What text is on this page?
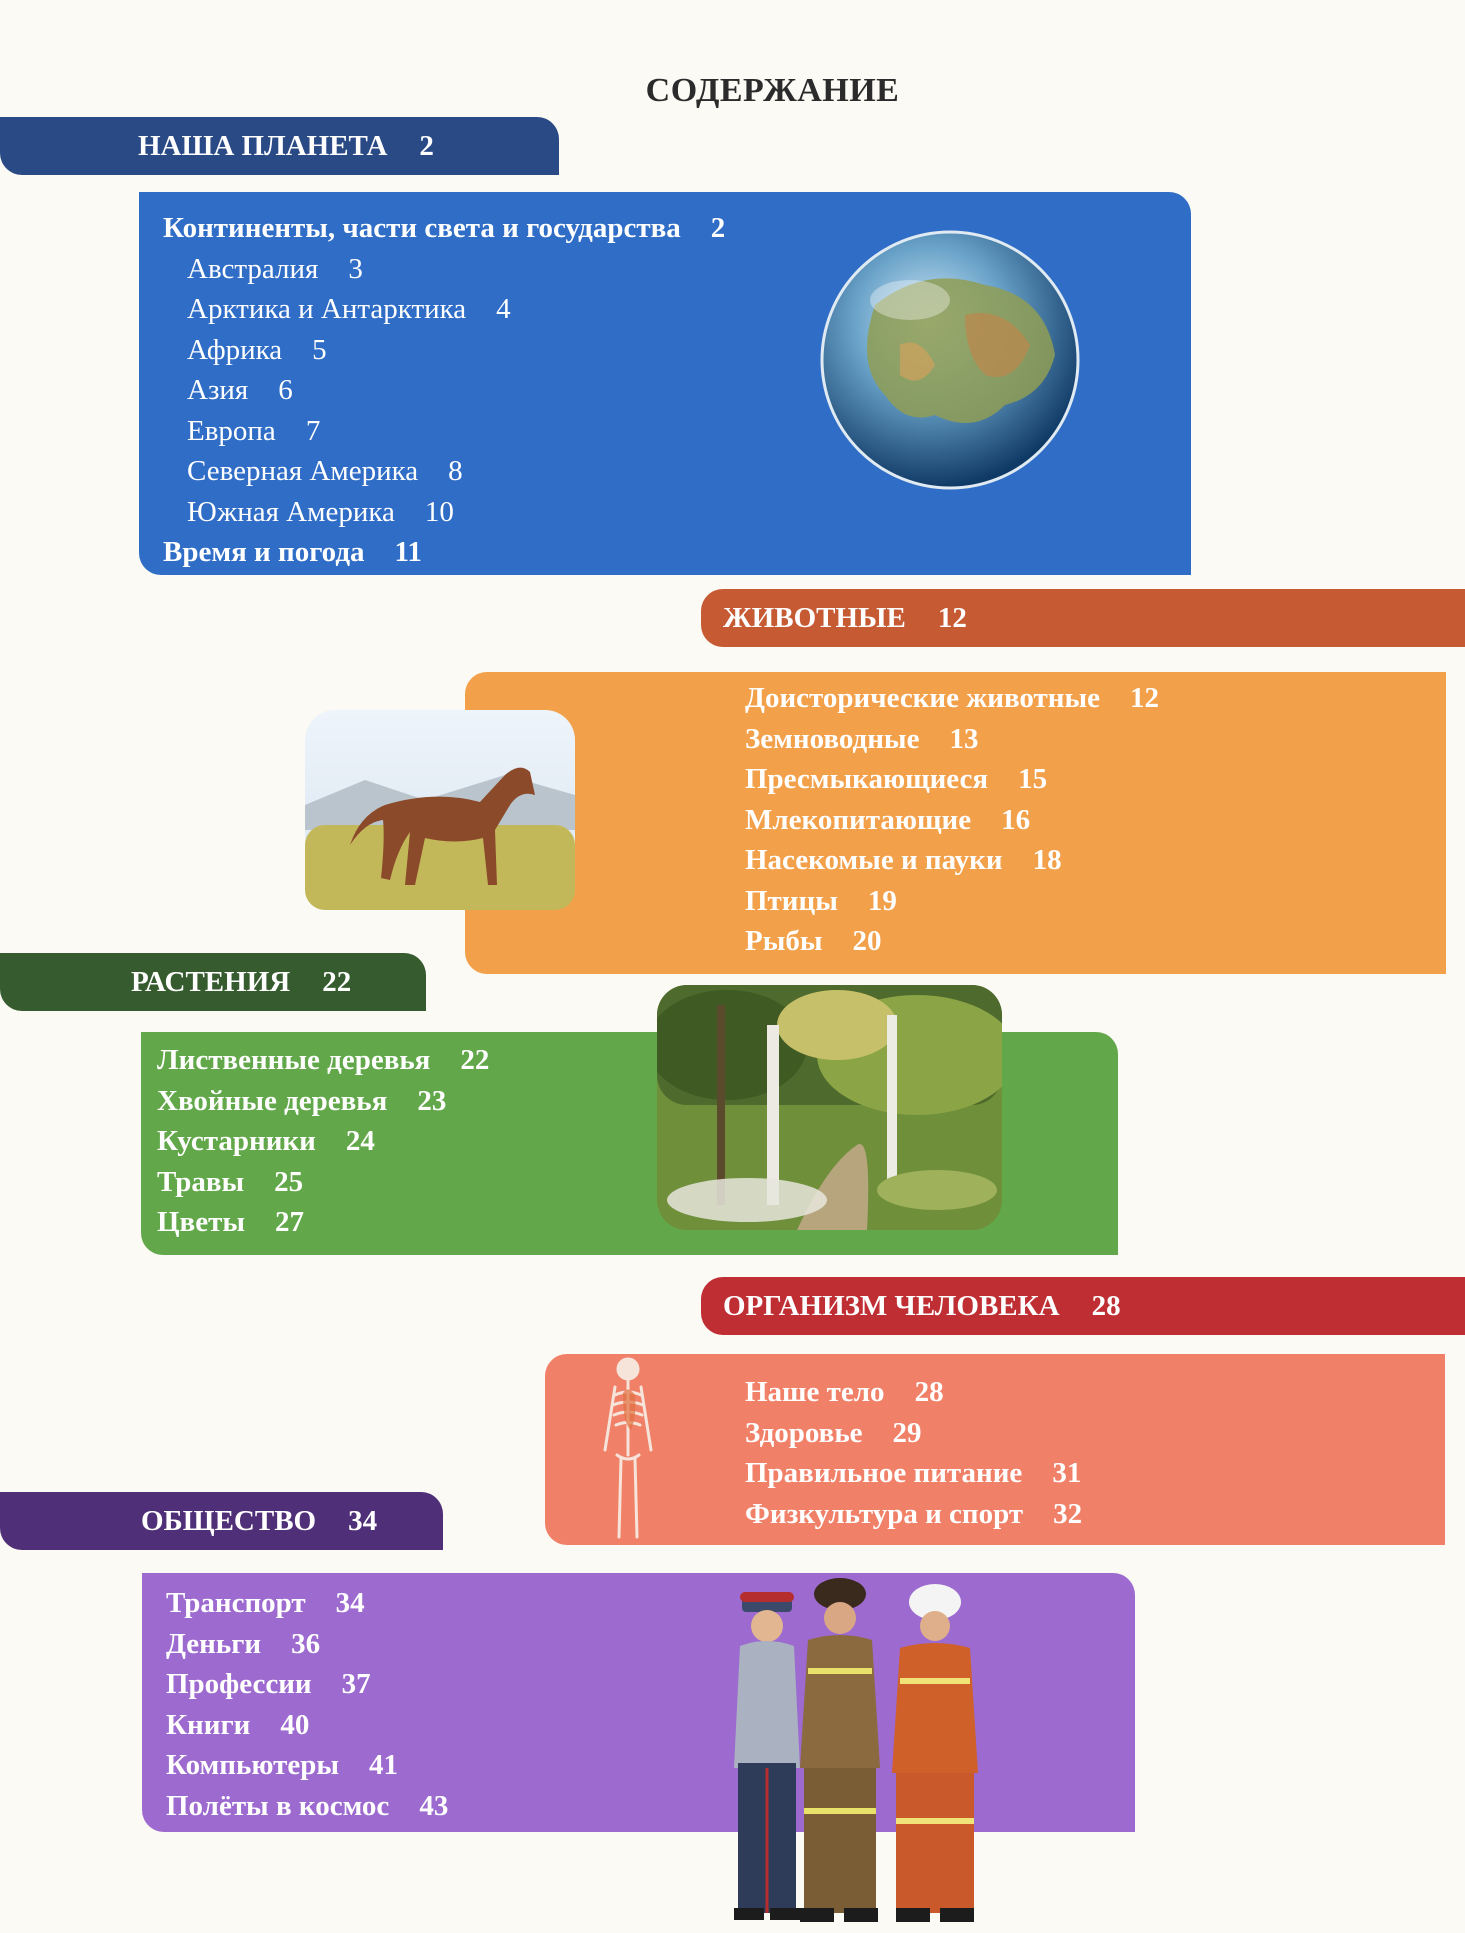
СОДЕРЖАНИЕ
НАША ПЛАНЕТА 2
Континенты, части света и государства 2
Австралия 3
Арктика и Антарктика 4
Африка 5
Азия 6
Европа 7
Северная Америка 8
Южная Америка 10
Время и погода 11
ЖИВОТНЫЕ 12
Доисторические животные 12
Земноводные 13
Пресмыкающиеся 15
Млекопитающие 16
Насекомые и пауки 18
Птицы 19
Рыбы 20
РАСТЕНИЯ 22
Лиственные деревья 22
Хвойные деревья 23
Кустарники 24
Травы 25
Цветы 27
ОРГАНИЗМ ЧЕЛОВЕКА 28
Наше тело 28
Здоровье 29
Правильное питание 31
Физкультура и спорт 32
ОБЩЕСТВО 34
Транспорт 34
Деньги 36
Профессии 37
Книги 40
Компьютеры 41
Полёты в космос 43
